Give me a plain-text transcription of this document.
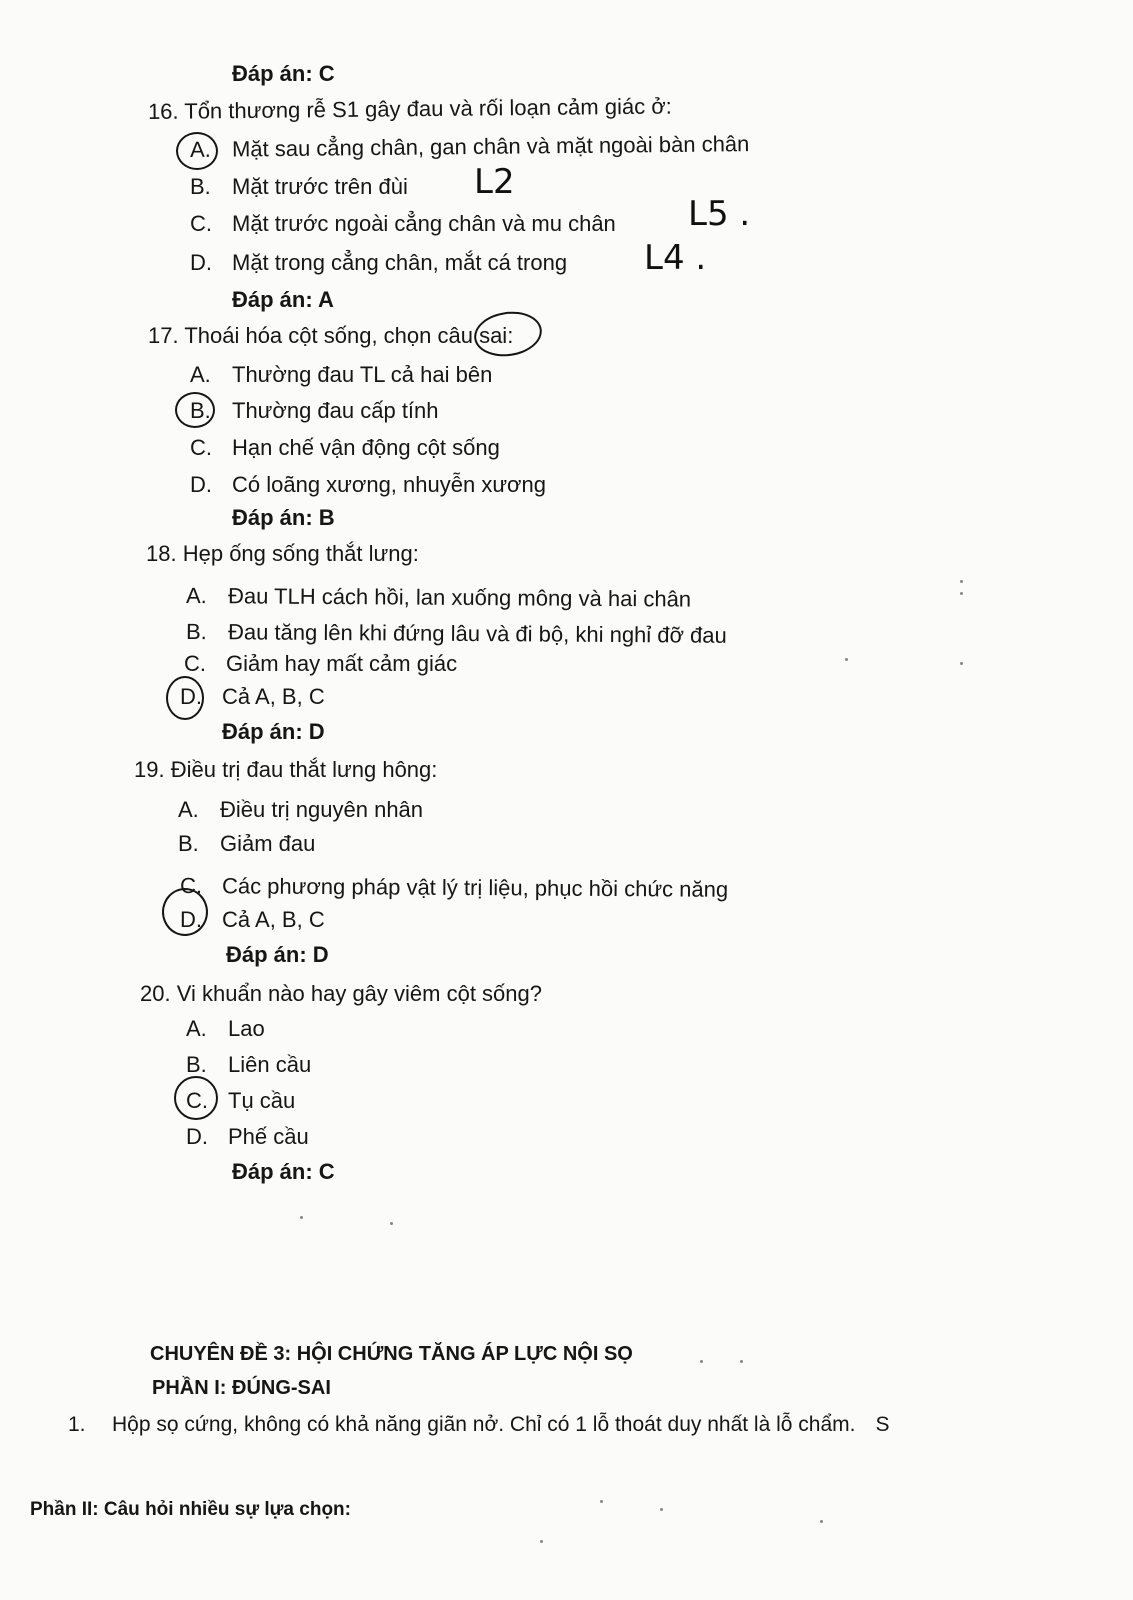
Đáp án: C
16. Tổn thương rễ S1 gây đau và rối loạn cảm giác ở:
A. Mặt sau cẳng chân, gan chân và mặt ngoài bàn chân
B. Mặt trước trên đùi
C. Mặt trước ngoài cẳng chân và mu chân
D. Mặt trong cẳng chân, mắt cá trong
Đáp án: A
17. Thoái hóa cột sống, chọn câu sai:
A. Thường đau TL cả hai bên
B. Thường đau cấp tính
C. Hạn chế vận động cột sống
D. Có loãng xương, nhuyễn xương
Đáp án: B
18. Hẹp ống sống thắt lưng:
A. Đau TLH cách hồi, lan xuống mông và hai chân
B. Đau tăng lên khi đứng lâu và đi bộ, khi nghỉ đỡ đau
C. Giảm hay mất cảm giác
D. Cả A, B, C
Đáp án: D
19. Điều trị đau thắt lưng hông:
A. Điều trị nguyên nhân
B. Giảm đau
C. Các phương pháp vật lý trị liệu, phục hồi chức năng
D. Cả A, B, C
Đáp án: D
20. Vi khuẩn nào hay gây viêm cột sống?
A. Lao
B. Liên cầu
C. Tụ cầu
D. Phế cầu
Đáp án: C
L2
L5 .
L4 .
CHUYÊN ĐỀ 3: HỘI CHỨNG TĂNG ÁP LỰC NỘI SỌ
PHẦN I: ĐÚNG-SAI
1. Hộp sọ cứng, không có khả năng giãn nở. Chỉ có 1 lỗ thoát duy nhất là lỗ chẩm. S
Phần II: Câu hỏi nhiều sự lựa chọn:
